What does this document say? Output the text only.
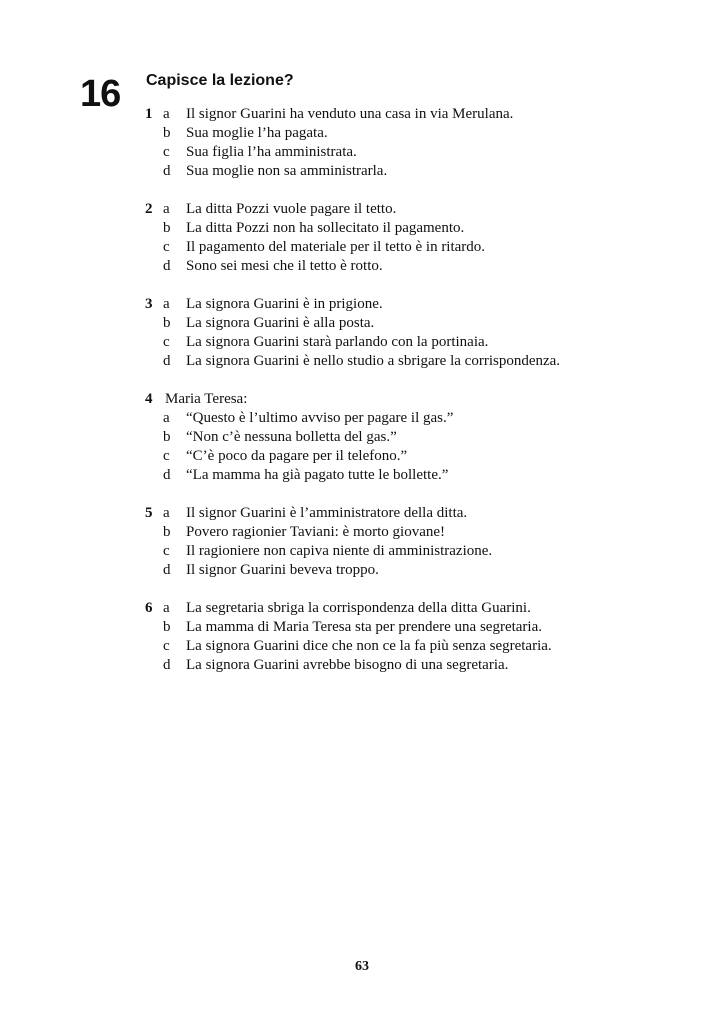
16 Capisce la lezione?
1 a	Il signor Guarini ha venduto una casa in via Merulana.
b	Sua moglie l’ha pagata.
c	Sua figlia l’ha amministrata.
d	Sua moglie non sa amministrarla.
2 a	La ditta Pozzi vuole pagare il tetto.
b	La ditta Pozzi non ha sollecitato il pagamento.
c	Il pagamento del materiale per il tetto è in ritardo.
d	Sono sei mesi che il tetto è rotto.
3 a	La signora Guarini è in prigione.
b	La signora Guarini è alla posta.
c	La signora Guarini starà parlando con la portinaia.
d	La signora Guarini è nello studio a sbrigare la corrispondenza.
4 Maria Teresa:
a	“Questo è l’ultimo avviso per pagare il gas.”
b	“Non c’è nessuna bolletta del gas.”
c	“C’è poco da pagare per il telefono.”
d	“La mamma ha già pagato tutte le bollette.”
5 a	Il signor Guarini è l’amministratore della ditta.
b	Povero ragionier Taviani: è morto giovane!
c	Il ragioniere non capiva niente di amministrazione.
d	Il signor Guarini beveva troppo.
6 a	La segretaria sbriga la corrispondenza della ditta Guarini.
b	La mamma di Maria Teresa sta per prendere una segretaria.
c	La signora Guarini dice che non ce la fa più senza segretaria.
d	La signora Guarini avrebbe bisogno di una segretaria.
63
